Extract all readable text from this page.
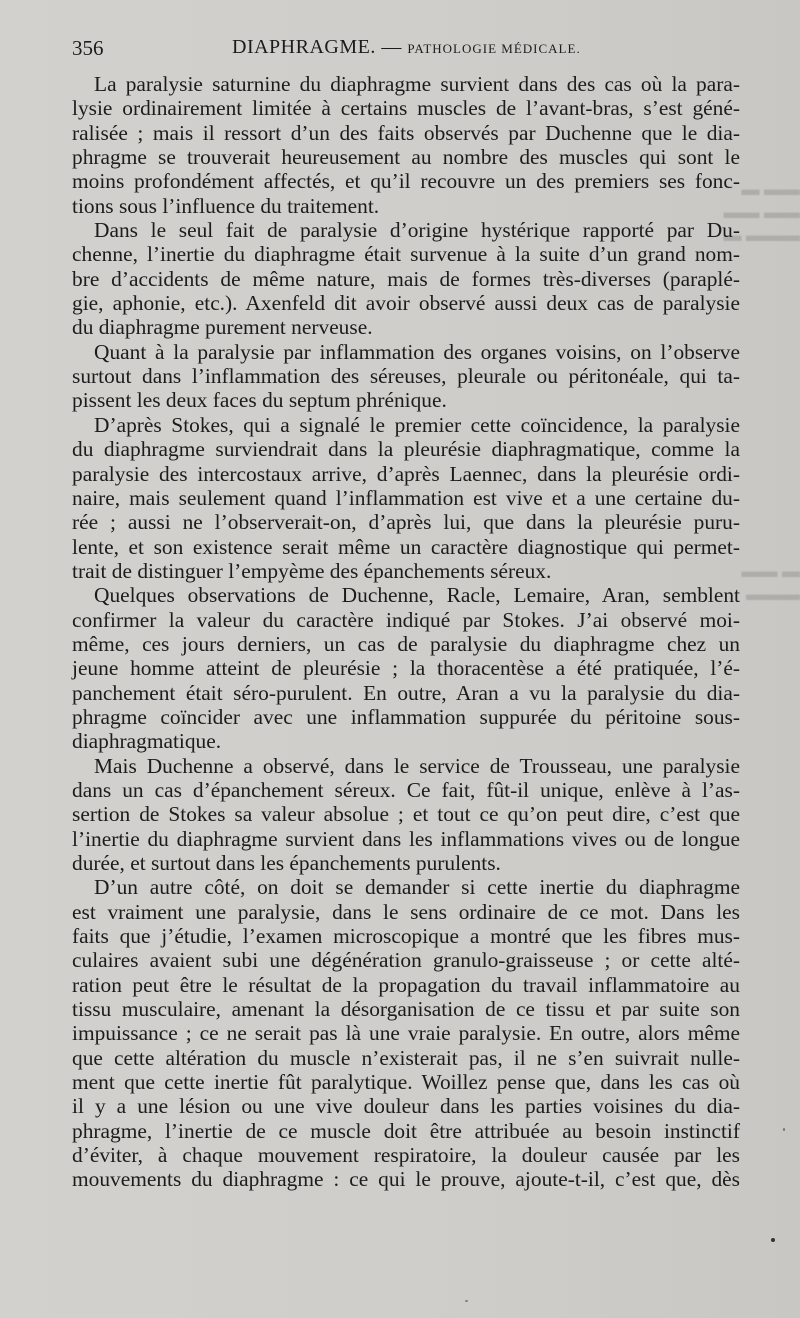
▬ ▬▬
▬▬ ▬▬
▬ ▬▬▬
▬▬ ▬
▬▬▬
356	DIAPHRAGME. — PATHOLOGIE MÉDICALE.
La paralysie saturnine du diaphragme survient dans des cas où la para-
lysie ordinairement limitée à certains muscles de l’avant-bras, s’est géné-
ralisée ; mais il ressort d’un des faits observés par Duchenne que le dia-
phragme se trouverait heureusement au nombre des muscles qui sont le
moins profondément affectés, et qu’il recouvre un des premiers ses fonc-
tions sous l’influence du traitement.
Dans le seul fait de paralysie d’origine hystérique rapporté par Du-
chenne, l’inertie du diaphragme était survenue à la suite d’un grand nom-
bre d’accidents de même nature, mais de formes très-diverses (paraplé-
gie, aphonie, etc.). Axenfeld dit avoir observé aussi deux cas de paralysie
du diaphragme purement nerveuse.
Quant à la paralysie par inflammation des organes voisins, on l’observe
surtout dans l’inflammation des séreuses, pleurale ou péritonéale, qui ta-
pissent les deux faces du septum phrénique.
D’après Stokes, qui a signalé le premier cette coïncidence, la paralysie
du diaphragme surviendrait dans la pleurésie diaphragmatique, comme la
paralysie des intercostaux arrive, d’après Laennec, dans la pleurésie ordi-
naire, mais seulement quand l’inflammation est vive et a une certaine du-
rée ; aussi ne l’observerait-on, d’après lui, que dans la pleurésie puru-
lente, et son existence serait même un caractère diagnostique qui permet-
trait de distinguer l’empyème des épanchements séreux.
Quelques observations de Duchenne, Racle, Lemaire, Aran, semblent
confirmer la valeur du caractère indiqué par Stokes. J’ai observé moi-
même, ces jours derniers, un cas de paralysie du diaphragme chez un
jeune homme atteint de pleurésie ; la thoracentèse a été pratiquée, l’é-
panchement était séro-purulent. En outre, Aran a vu la paralysie du dia-
phragme coïncider avec une inflammation suppurée du péritoine sous-
diaphragmatique.
Mais Duchenne a observé, dans le service de Trousseau, une paralysie
dans un cas d’épanchement séreux. Ce fait, fût-il unique, enlève à l’as-
sertion de Stokes sa valeur absolue ; et tout ce qu’on peut dire, c’est que
l’inertie du diaphragme survient dans les inflammations vives ou de longue
durée, et surtout dans les épanchements purulents.
D’un autre côté, on doit se demander si cette inertie du diaphragme
est vraiment une paralysie, dans le sens ordinaire de ce mot. Dans les
faits que j’étudie, l’examen microscopique a montré que les fibres mus-
culaires avaient subi une dégénération granulo-graisseuse ; or cette alté-
ration peut être le résultat de la propagation du travail inflammatoire au
tissu musculaire, amenant la désorganisation de ce tissu et par suite son
impuissance ; ce ne serait pas là une vraie paralysie. En outre, alors même
que cette altération du muscle n’existerait pas, il ne s’en suivrait nulle-
ment que cette inertie fût paralytique. Woillez pense que, dans les cas où
il y a une lésion ou une vive douleur dans les parties voisines du dia-
phragme, l’inertie de ce muscle doit être attribuée au besoin instinctif
d’éviter, à chaque mouvement respiratoire, la douleur causée par les
mouvements du diaphragme : ce qui le prouve, ajoute-t-il, c’est que, dès
